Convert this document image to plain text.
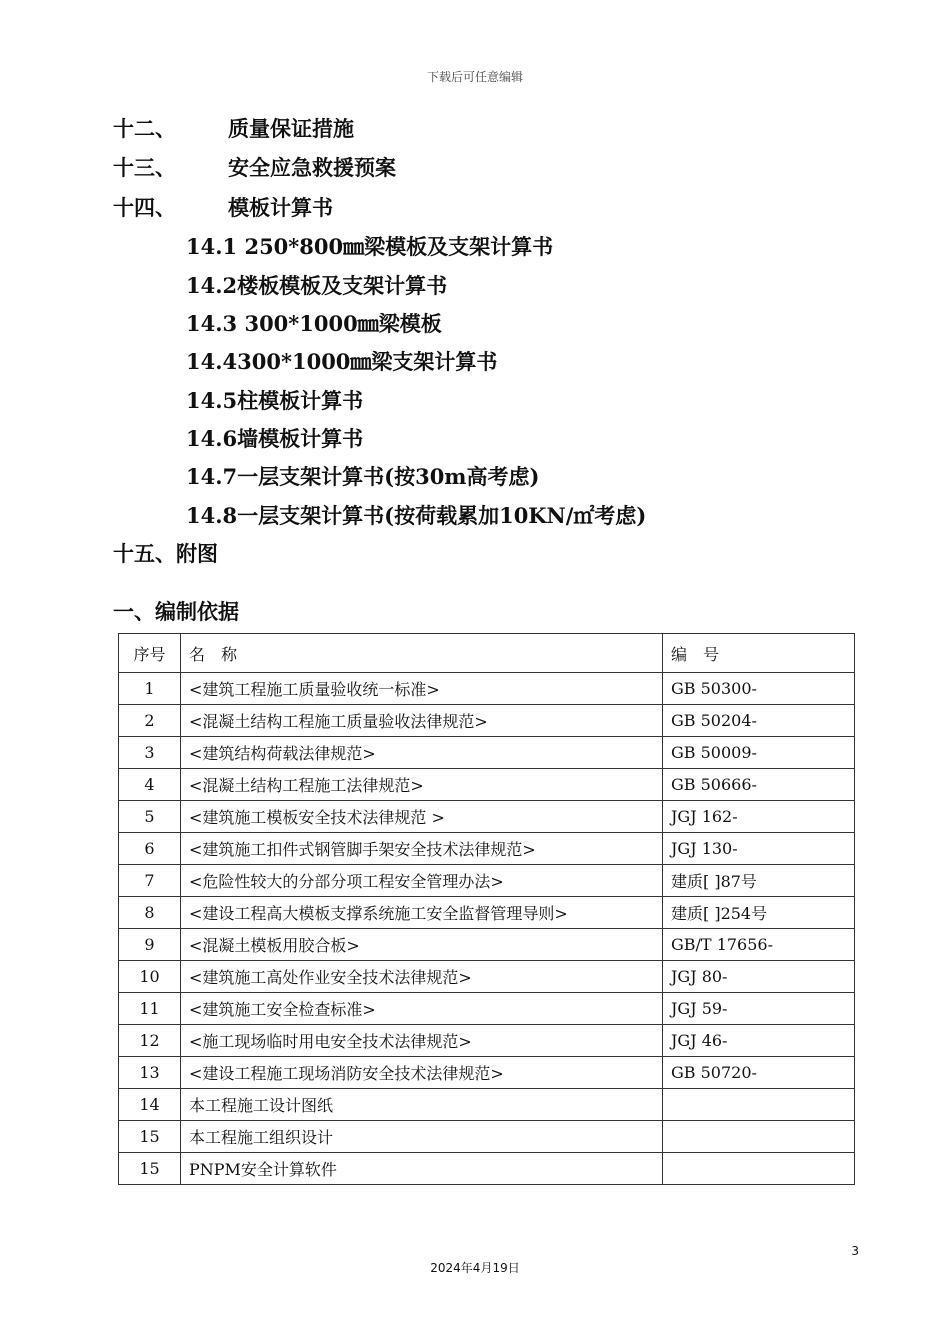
下载后可任意编辑
十二、 质量保证措施
十三、 安全应急救援预案
十四、 模板计算书
14.1 250*800㎜梁模板及支架计算书
14.2楼板模板及支架计算书
14.3 300*1000㎜梁模板
14.4300*1000㎜梁支架计算书
14.5柱模板计算书
14.6墙模板计算书
14.7一层支架计算书(按30m高考虑)
14.8一层支架计算书(按荷载累加10KN/㎡考虑)
十五、附图
一、编制依据
序号	名　称	编　号
1	<建筑工程施工质量验收统一标准>	GB 50300-
2	<混凝土结构工程施工质量验收法律规范>	GB 50204-
3	<建筑结构荷载法律规范>	GB 50009-
4	<混凝土结构工程施工法律规范>	GB 50666-
5	<建筑施工模板安全技术法律规范 >	JGJ 162-
6	<建筑施工扣件式钢管脚手架安全技术法律规范>	JGJ 130-
7	<危险性较大的分部分项工程安全管理办法>	建质[ ]87号
8	<建设工程高大模板支撑系统施工安全监督管理导则>	建质[ ]254号
9	<混凝土模板用胶合板>	GB/T 17656-
10	<建筑施工高处作业安全技术法律规范>	JGJ 80-
11	<建筑施工安全检查标准>	JGJ 59-
12	<施工现场临时用电安全技术法律规范>	JGJ 46-
13	<建设工程施工现场消防安全技术法律规范>	GB 50720-
14	本工程施工设计图纸	
15	本工程施工组织设计	
15	PNPM安全计算软件	
3
2024年4月19日
